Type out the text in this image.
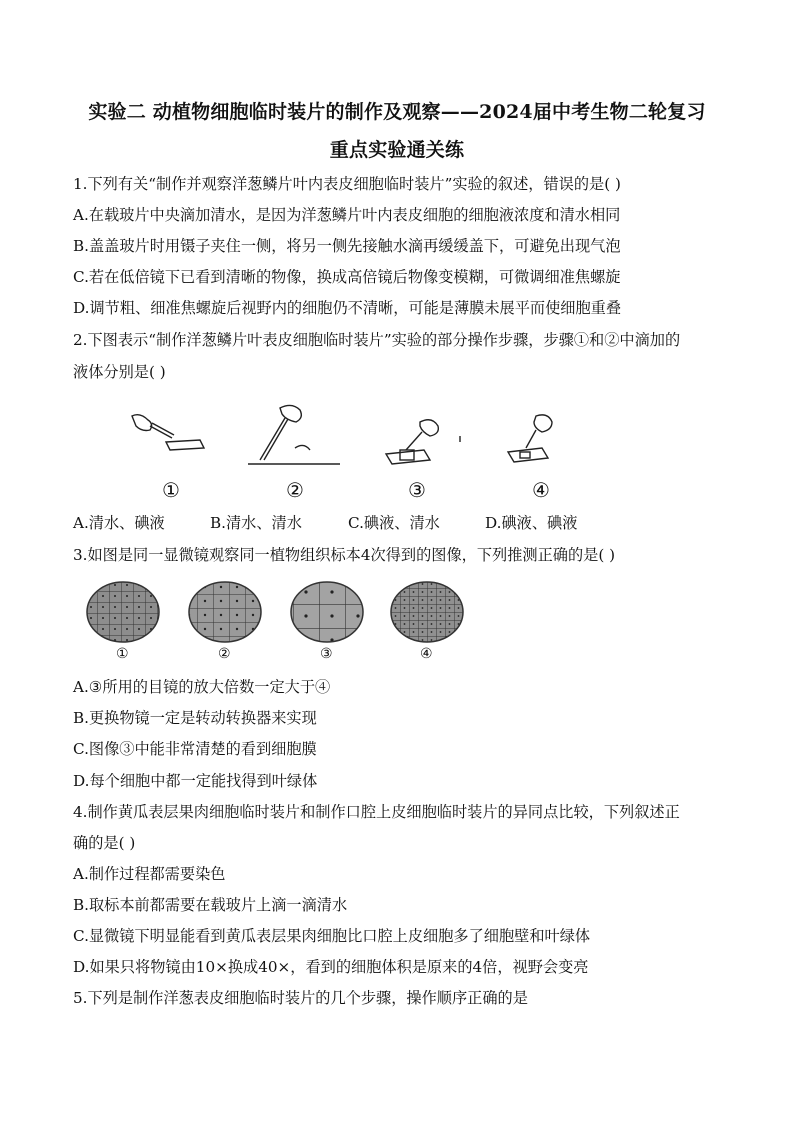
实验二 动植物细胞临时装片的制作及观察——2024届中考生物二轮复习
重点实验通关练
1.下列有关“制作并观察洋葱鳞片叶内表皮细胞临时装片”实验的叙述，错误的是( )
A.在载玻片中央滴加清水，是因为洋葱鳞片叶内表皮细胞的细胞液浓度和清水相同
B.盖盖玻片时用镊子夹住一侧，将另一侧先接触水滴再缓缓盖下，可避免出现气泡
C.若在低倍镜下已看到清晰的物像，换成高倍镜后物像变模糊，可微调细准焦螺旋
D.调节粗、细准焦螺旋后视野内的细胞仍不清晰，可能是薄膜未展平而使细胞重叠
2.下图表示“制作洋葱鳞片叶表皮细胞临时装片”实验的部分操作步骤，步骤①和②中滴加的
液体分别是( )
①	②	③	④
A.清水、碘液	B.清水、清水	C.碘液、清水	D.碘液、碘液
3.如图是同一显微镜观察同一植物组织标本4次得到的图像，下列推测正确的是( )
①	②	③	④
A.③所用的目镜的放大倍数一定大于④
B.更换物镜一定是转动转换器来实现
C.图像③中能非常清楚的看到细胞膜
D.每个细胞中都一定能找得到叶绿体
4.制作黄瓜表层果肉细胞临时装片和制作口腔上皮细胞临时装片的异同点比较，下列叙述正
确的是( )
A.制作过程都需要染色
B.取标本前都需要在载玻片上滴一滴清水
C.显微镜下明显能看到黄瓜表层果肉细胞比口腔上皮细胞多了细胞壁和叶绿体
D.如果只将物镜由10×换成40×，看到的细胞体积是原来的4倍，视野会变亮
5.下列是制作洋葱表皮细胞临时装片的几个步骤，操作顺序正确的是
